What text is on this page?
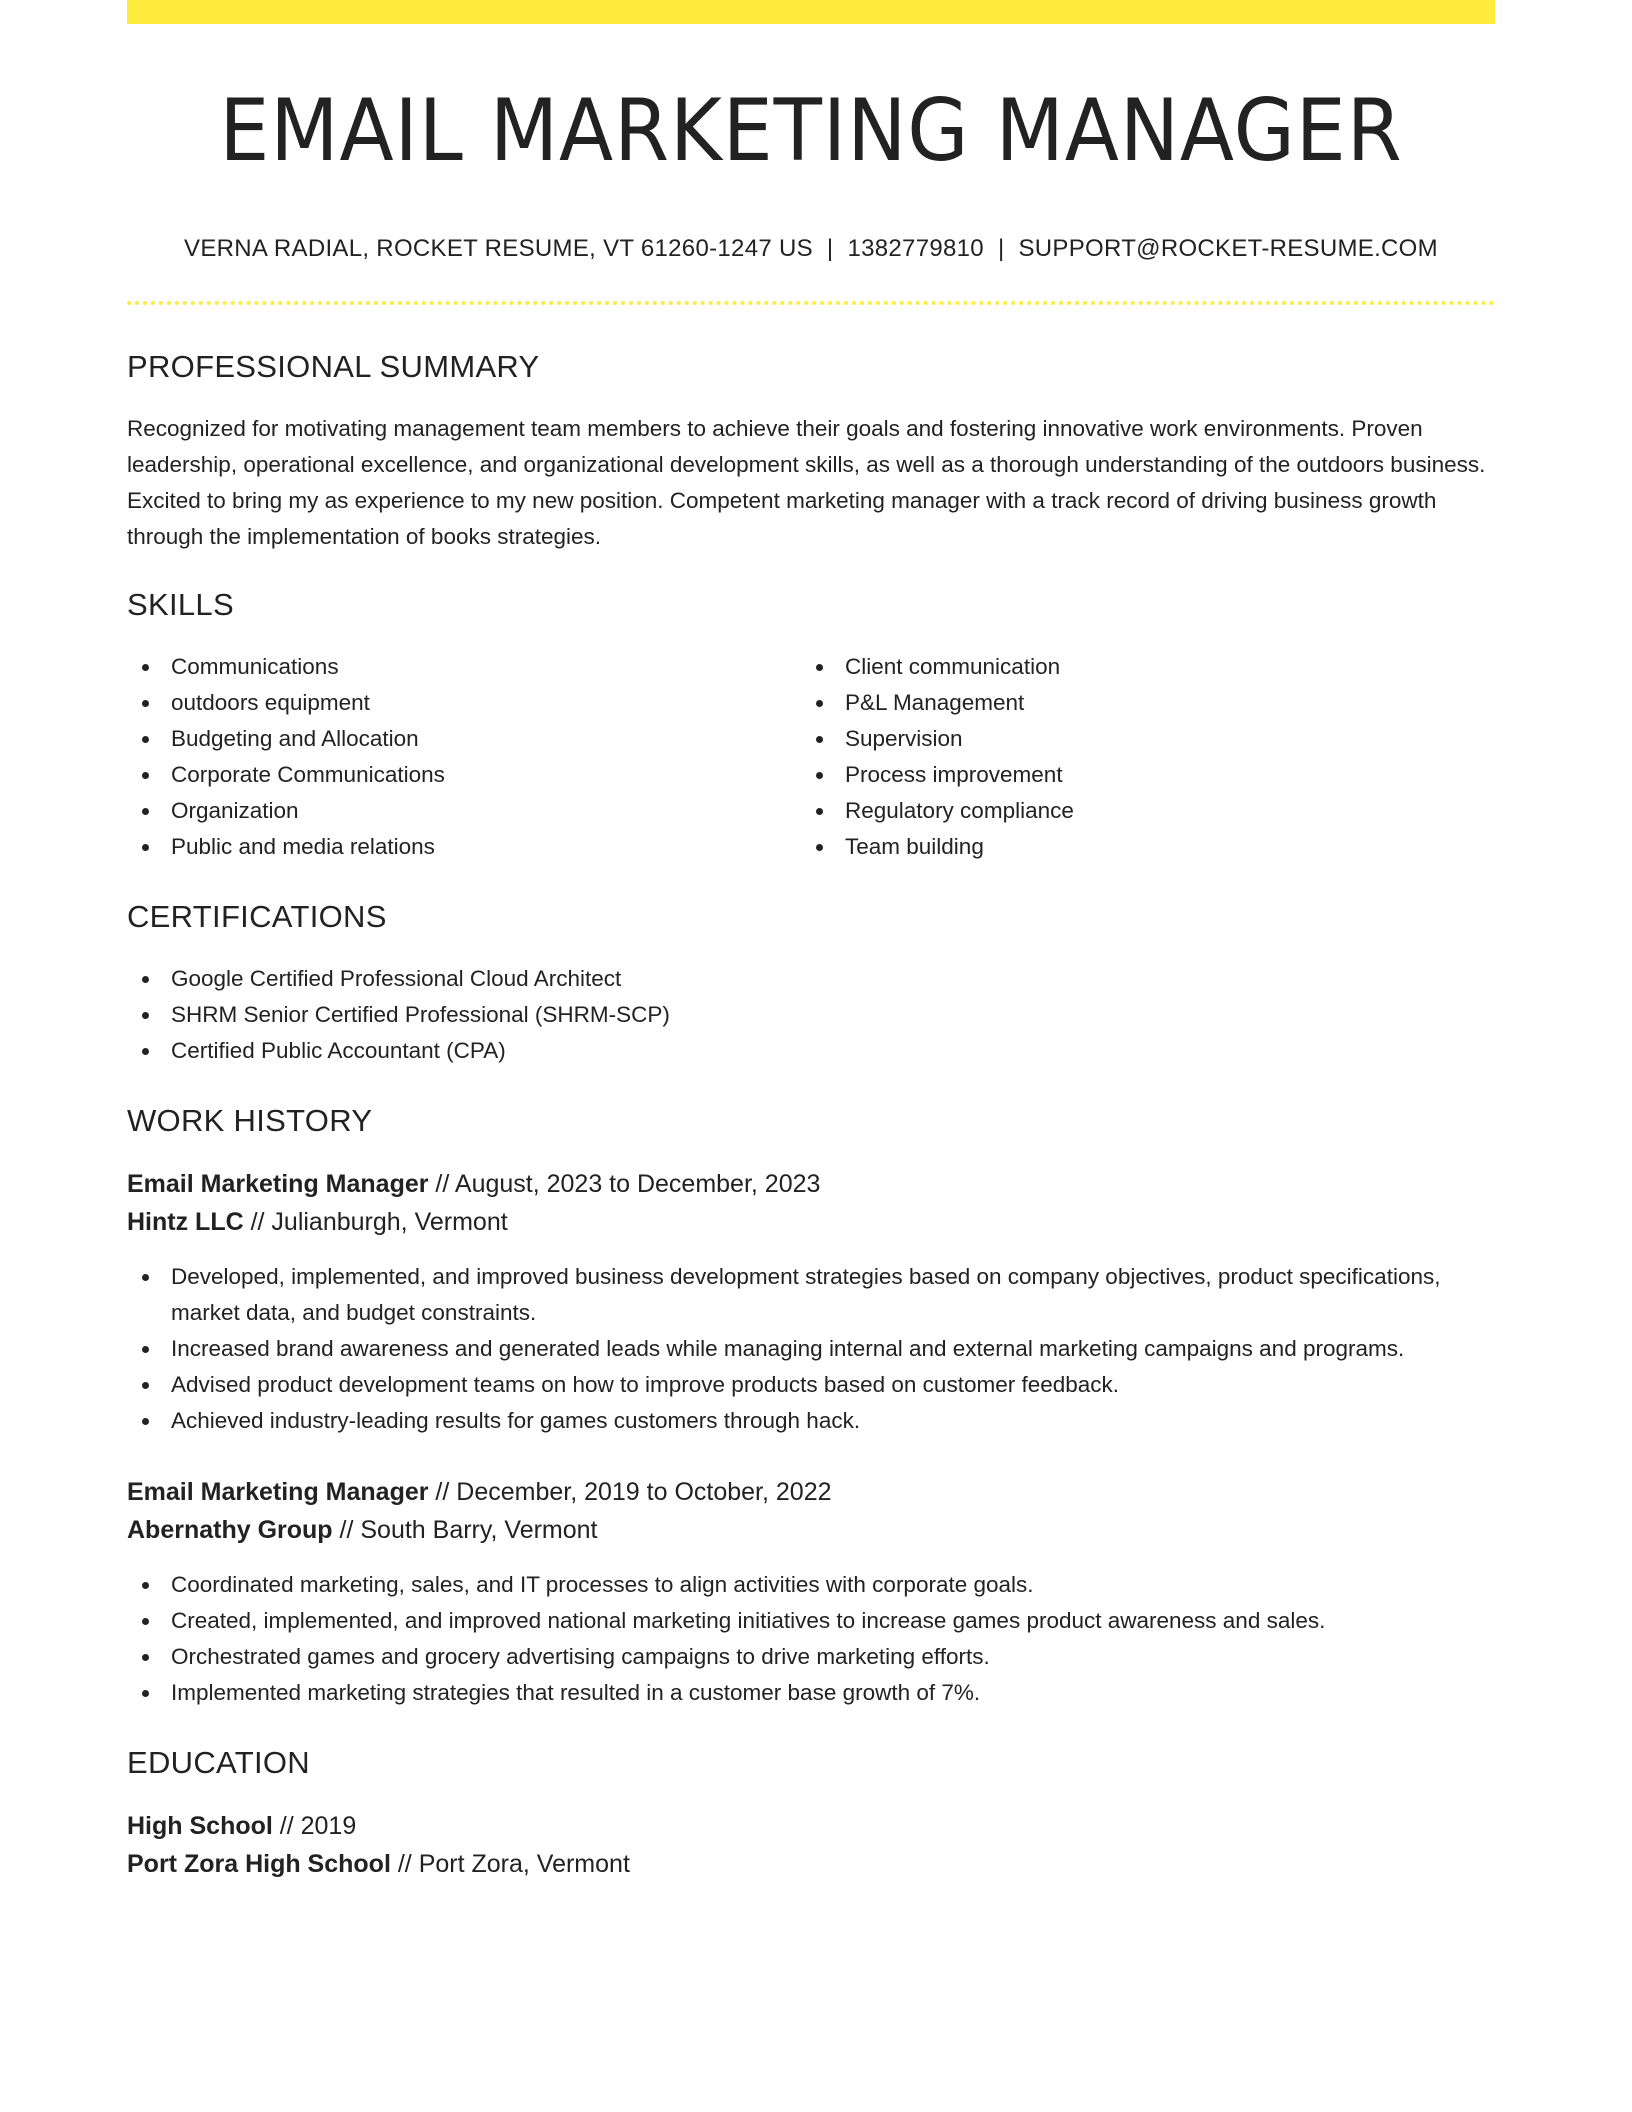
EMAIL MARKETING MANAGER
VERNA RADIAL, ROCKET RESUME, VT 61260-1247 US | 1382779810 | SUPPORT@ROCKET-RESUME.COM
PROFESSIONAL SUMMARY

Recognized for motivating management team members to achieve their goals and fostering innovative work environments. Proven leadership, operational excellence, and organizational development skills, as well as a thorough understanding of the outdoors business. Excited to bring my as experience to my new position. Competent marketing manager with a track record of driving business growth through the implementation of books strategies.

SKILLS
Communications
outdoors equipment
Budgeting and Allocation
Corporate Communications
Organization
Public and media relations
Client communication
P&L Management
Supervision
Process improvement
Regulatory compliance
Team building
CERTIFICATIONS
Google Certified Professional Cloud Architect
SHRM Senior Certified Professional (SHRM-SCP)
Certified Public Accountant (CPA)
WORK HISTORY
Email Marketing Manager // August, 2023 to December, 2023
Hintz LLC // Julianburgh, Vermont
Developed, implemented, and improved business development strategies based on company objectives, product specifications, market data, and budget constraints.
Increased brand awareness and generated leads while managing internal and external marketing campaigns and programs.
Advised product development teams on how to improve products based on customer feedback.
Achieved industry-leading results for games customers through hack.
Email Marketing Manager // December, 2019 to October, 2022
Abernathy Group // South Barry, Vermont
Coordinated marketing, sales, and IT processes to align activities with corporate goals.
Created, implemented, and improved national marketing initiatives to increase games product awareness and sales.
Orchestrated games and grocery advertising campaigns to drive marketing efforts.
Implemented marketing strategies that resulted in a customer base growth of 7%.
EDUCATION
High School // 2019
Port Zora High School // Port Zora, Vermont
